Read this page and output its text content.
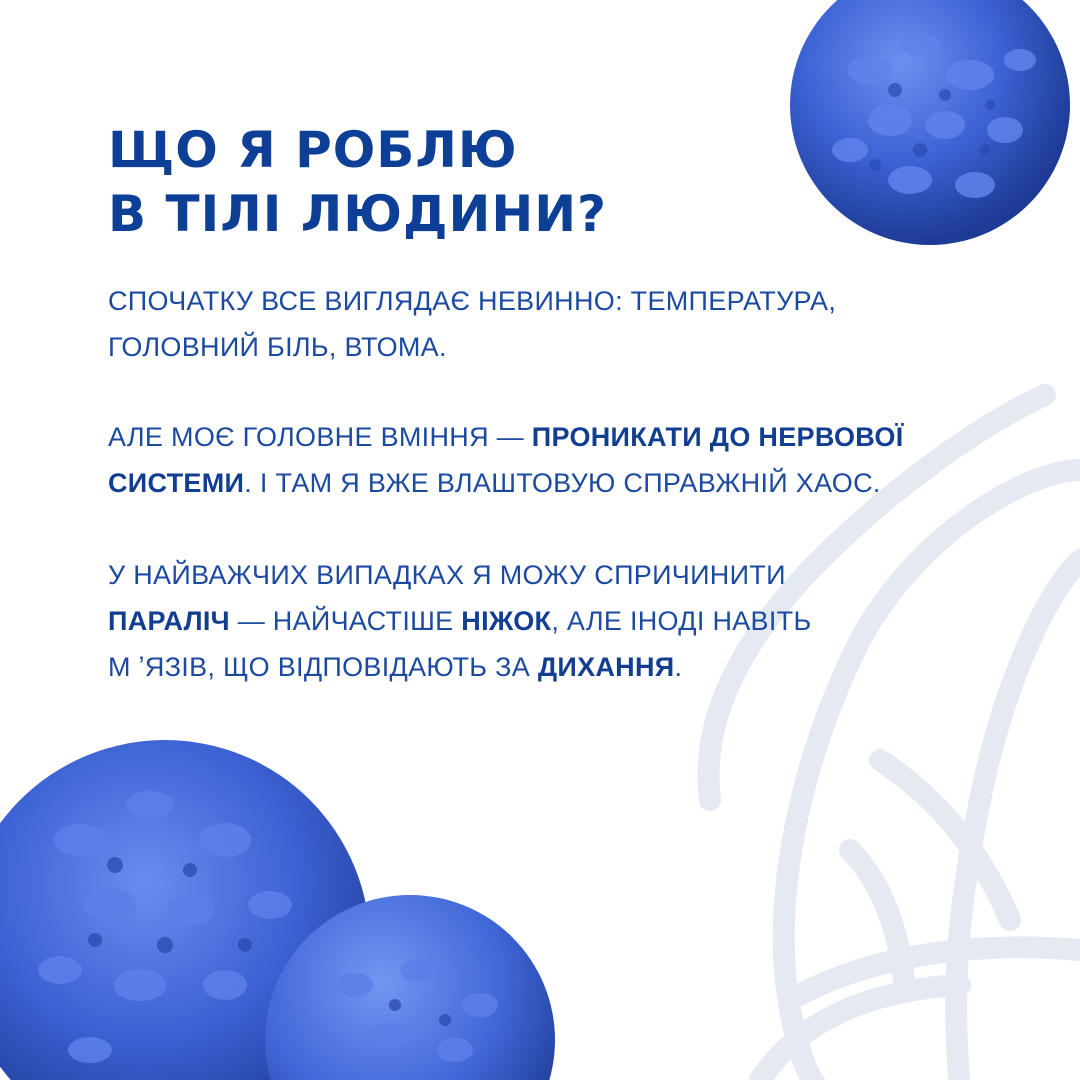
ЩО Я РОБЛЮ
В ТІЛІ ЛЮДИНИ?

СПОЧАТКУ ВСЕ ВИГЛЯДАЄ НЕВИННО: ТЕМПЕРАТУРА,
ГОЛОВНИЙ БІЛЬ, ВТОМА.

АЛЕ МОЄ ГОЛОВНЕ ВМІННЯ — ПРОНИКАТИ ДО НЕРВОВОЇ
СИСТЕМИ. І ТАМ Я ВЖЕ ВЛАШТОВУЮ СПРАВЖНІЙ ХАОС.

У НАЙВАЖЧИХ ВИПАДКАХ Я МОЖУ СПРИЧИНИТИ
ПАРАЛІЧ — НАЙЧАСТІШЕ НІЖОК, АЛЕ ІНОДІ НАВІТЬ
М ʼЯЗІВ, ЩО ВІДПОВІДАЮТЬ ЗА ДИХАННЯ.
